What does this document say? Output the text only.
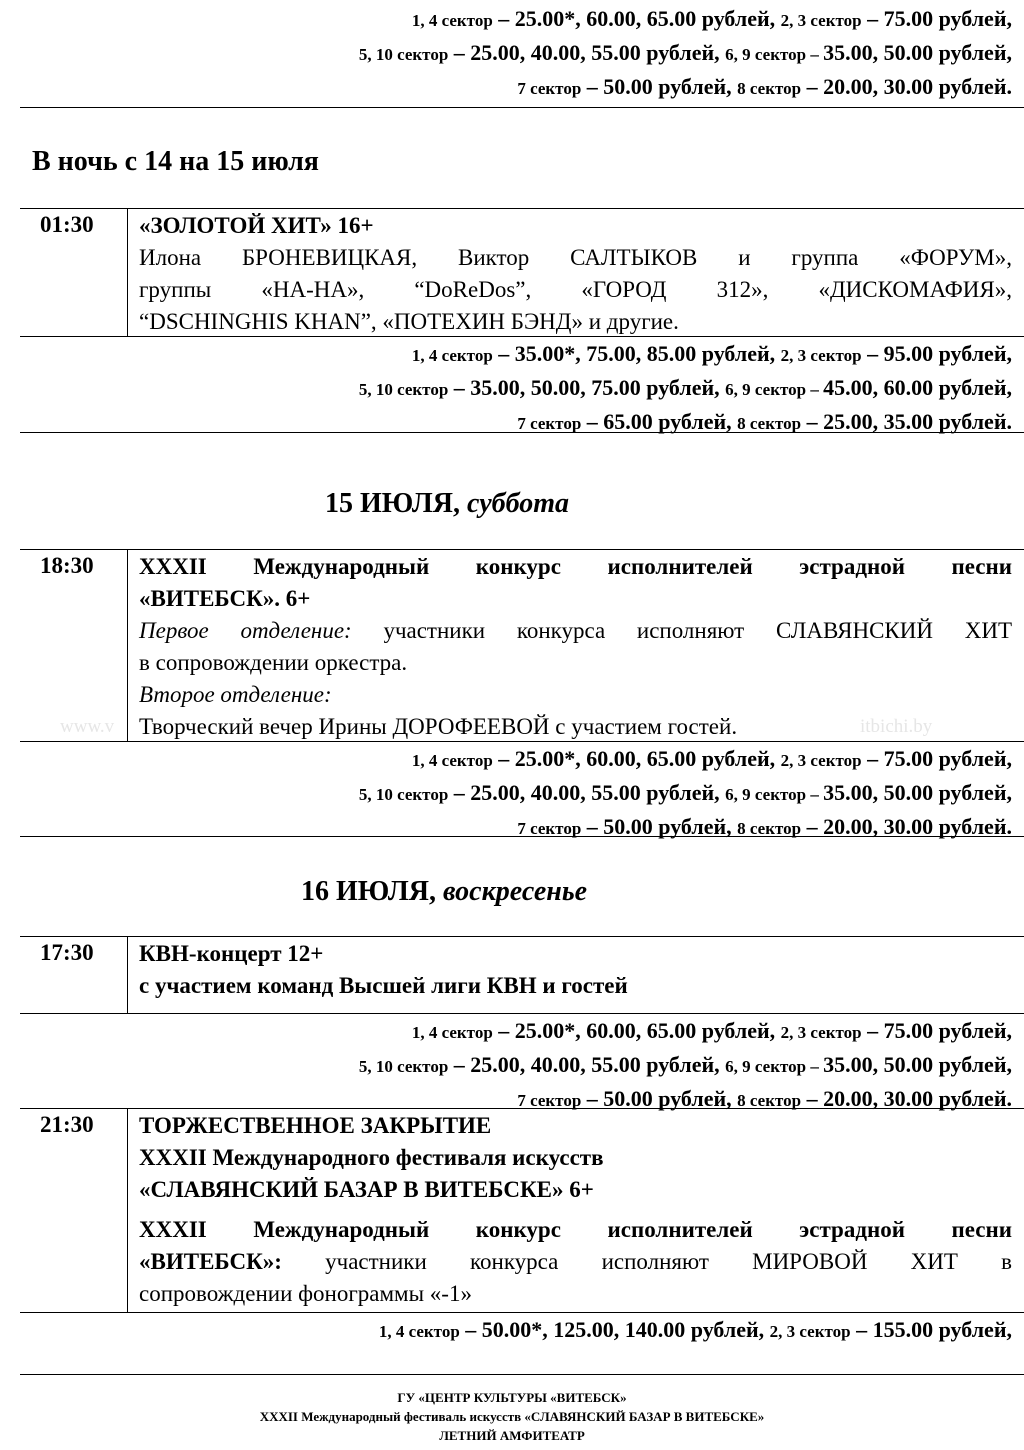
1, 4 сектор – 25.00*, 60.00, 65.00 рублей, 2, 3 сектор – 75.00 рублей,
5, 10 сектор – 25.00, 40.00, 55.00 рублей, 6, 9 сектор – 35.00, 50.00 рублей,
7 сектор – 50.00 рублей, 8 сектор – 20.00, 30.00 рублей.
В ночь с 14 на 15 июля
01:30 «ЗОЛОТОЙ ХИТ» 16+
Илона БРОНЕВИЦКАЯ, Виктор САЛТЫКОВ и группа «ФОРУМ»,
группы «НА-НА», “DoReDos”, «ГОРОД 312», «ДИСКОМАФИЯ»,
“DSCHINGHIS KHAN”, «ПОТЕХИН БЭНД» и другие.
1, 4 сектор – 35.00*, 75.00, 85.00 рублей, 2, 3 сектор – 95.00 рублей,
5, 10 сектор – 35.00, 50.00, 75.00 рублей, 6, 9 сектор – 45.00, 60.00 рублей,
7 сектор – 65.00 рублей, 8 сектор – 25.00, 35.00 рублей.
15 ИЮЛЯ, суббота
18:30 XXXII Международный конкурс исполнителей эстрадной песни
«ВИТЕБСК». 6+
Первое отделение: участники конкурса исполняют СЛАВЯНСКИЙ ХИТ
в сопровождении оркестра.
Второе отделение:
Творческий вечер Ирины ДОРОФЕЕВОЙ с участием гостей.
www.v	itbichi.by
1, 4 сектор – 25.00*, 60.00, 65.00 рублей, 2, 3 сектор – 75.00 рублей,
5, 10 сектор – 25.00, 40.00, 55.00 рублей, 6, 9 сектор – 35.00, 50.00 рублей,
7 сектор – 50.00 рублей, 8 сектор – 20.00, 30.00 рублей.
16 ИЮЛЯ, воскресенье
17:30 КВН-концерт 12+
с участием команд Высшей лиги КВН и гостей
1, 4 сектор – 25.00*, 60.00, 65.00 рублей, 2, 3 сектор – 75.00 рублей,
5, 10 сектор – 25.00, 40.00, 55.00 рублей, 6, 9 сектор – 35.00, 50.00 рублей,
7 сектор – 50.00 рублей, 8 сектор – 20.00, 30.00 рублей.
21:30 ТОРЖЕСТВЕННОЕ ЗАКРЫТИЕ
XXXII Международного фестиваля искусств
«СЛАВЯНСКИЙ БАЗАР В ВИТЕБСКЕ» 6+
XXXII Международный конкурс исполнителей эстрадной песни
«ВИТЕБСК»: участники конкурса исполняют МИРОВОЙ ХИТ в
сопровождении фонограммы «-1»
1, 4 сектор – 50.00*, 125.00, 140.00 рублей, 2, 3 сектор – 155.00 рублей,
ГУ «ЦЕНТР КУЛЬТУРЫ «ВИТЕБСК»
XXXII Международный фестиваль искусств «СЛАВЯНСКИЙ БАЗАР В ВИТЕБСКЕ»
ЛЕТНИЙ АМФИТЕАТР
